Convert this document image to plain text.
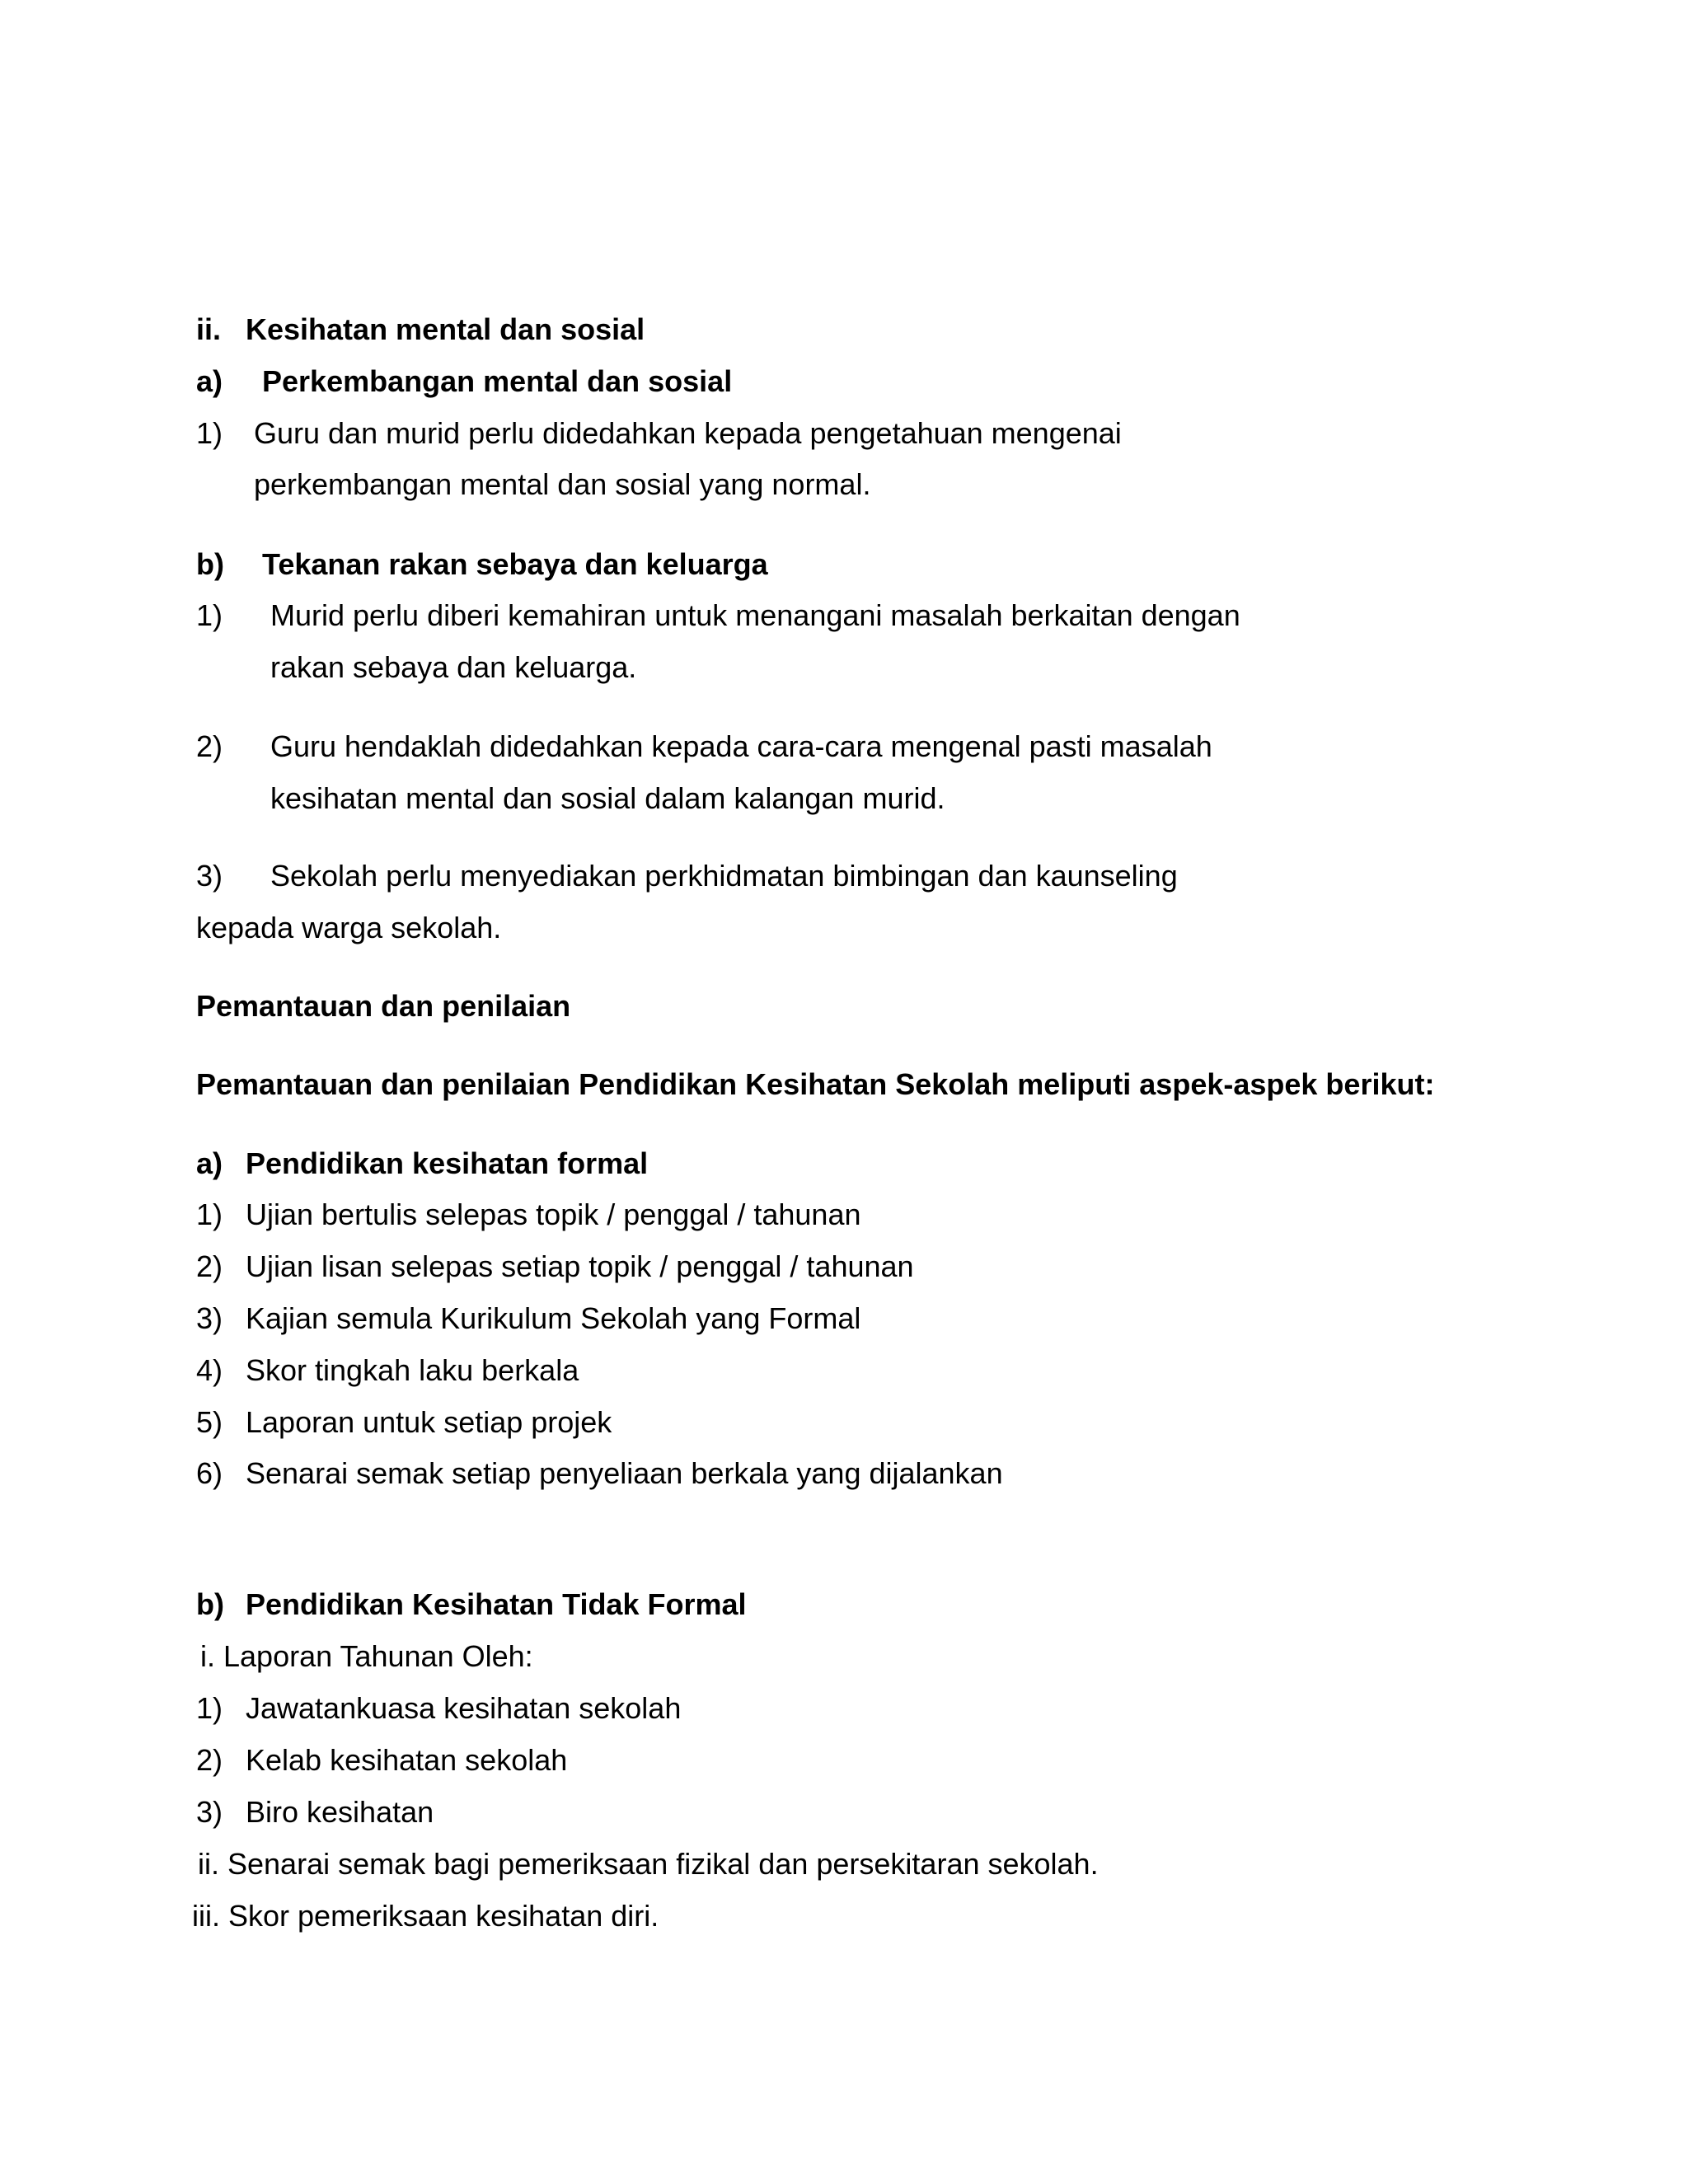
ii. Kesihatan mental dan sosial
a) Perkembangan mental dan sosial
1) Guru dan murid perlu didedahkan kepada pengetahuan mengenai
perkembangan mental dan sosial yang normal.
b) Tekanan rakan sebaya dan keluarga
1) Murid perlu diberi kemahiran untuk menangani masalah berkaitan dengan
rakan sebaya dan keluarga.
2) Guru hendaklah didedahkan kepada cara-cara mengenal pasti masalah
kesihatan mental dan sosial dalam kalangan murid.
3) Sekolah perlu menyediakan perkhidmatan bimbingan dan kaunseling
kepada warga sekolah.
Pemantauan dan penilaian
Pemantauan dan penilaian Pendidikan Kesihatan Sekolah meliputi aspek-aspek berikut:
a) Pendidikan kesihatan formal
1) Ujian bertulis selepas topik / penggal / tahunan
2) Ujian lisan selepas setiap topik / penggal / tahunan
3) Kajian semula Kurikulum Sekolah yang Formal
4) Skor tingkah laku berkala
5) Laporan untuk setiap projek
6) Senarai semak setiap penyeliaan berkala yang dijalankan
b) Pendidikan Kesihatan Tidak Formal
i. Laporan Tahunan Oleh:
1) Jawatankuasa kesihatan sekolah
2) Kelab kesihatan sekolah
3) Biro kesihatan
ii. Senarai semak bagi pemeriksaan fizikal dan persekitaran sekolah.
iii. Skor pemeriksaan kesihatan diri.
